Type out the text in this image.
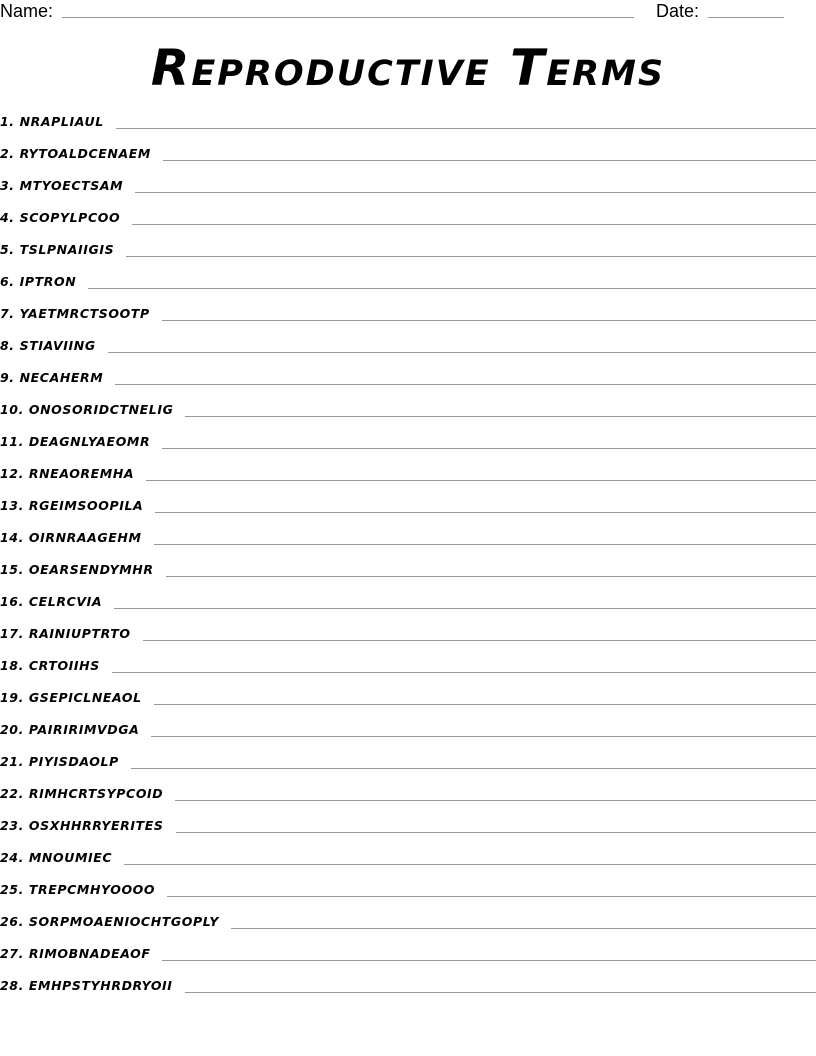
Name:	Date:
Reproductive Terms
1. NRAPLIAUL
2. RYTOALDCENAEM
3. MTYOECTSAM
4. SCOPYLPCOO
5. TSLPNAIIGIS
6. IPTRON
7. YAETMRCTSOOTP
8. STIAVIING
9. NECAHERM
10. ONOSORIDCTNELIG
11. DEAGNLYAEOMR
12. RNEAOREMHA
13. RGEIMSOOPILA
14. OIRNRAAGEHM
15. OEARSENDYMHR
16. CELRCVIA
17. RAINIUPTRTO
18. CRTOIIHS
19. GSEPICLNEAOL
20. PAIRIRIMVDGA
21. PIYISDAOLP
22. RIMHCRTSYPCOID
23. OSXHHRRYERITES
24. MNOUMIEC
25. TREPCMHYOOOO
26. SORPMOAENIOCHTGOPLY
27. RIMOBNADEAOF
28. EMHPSTYHRDRYOII
